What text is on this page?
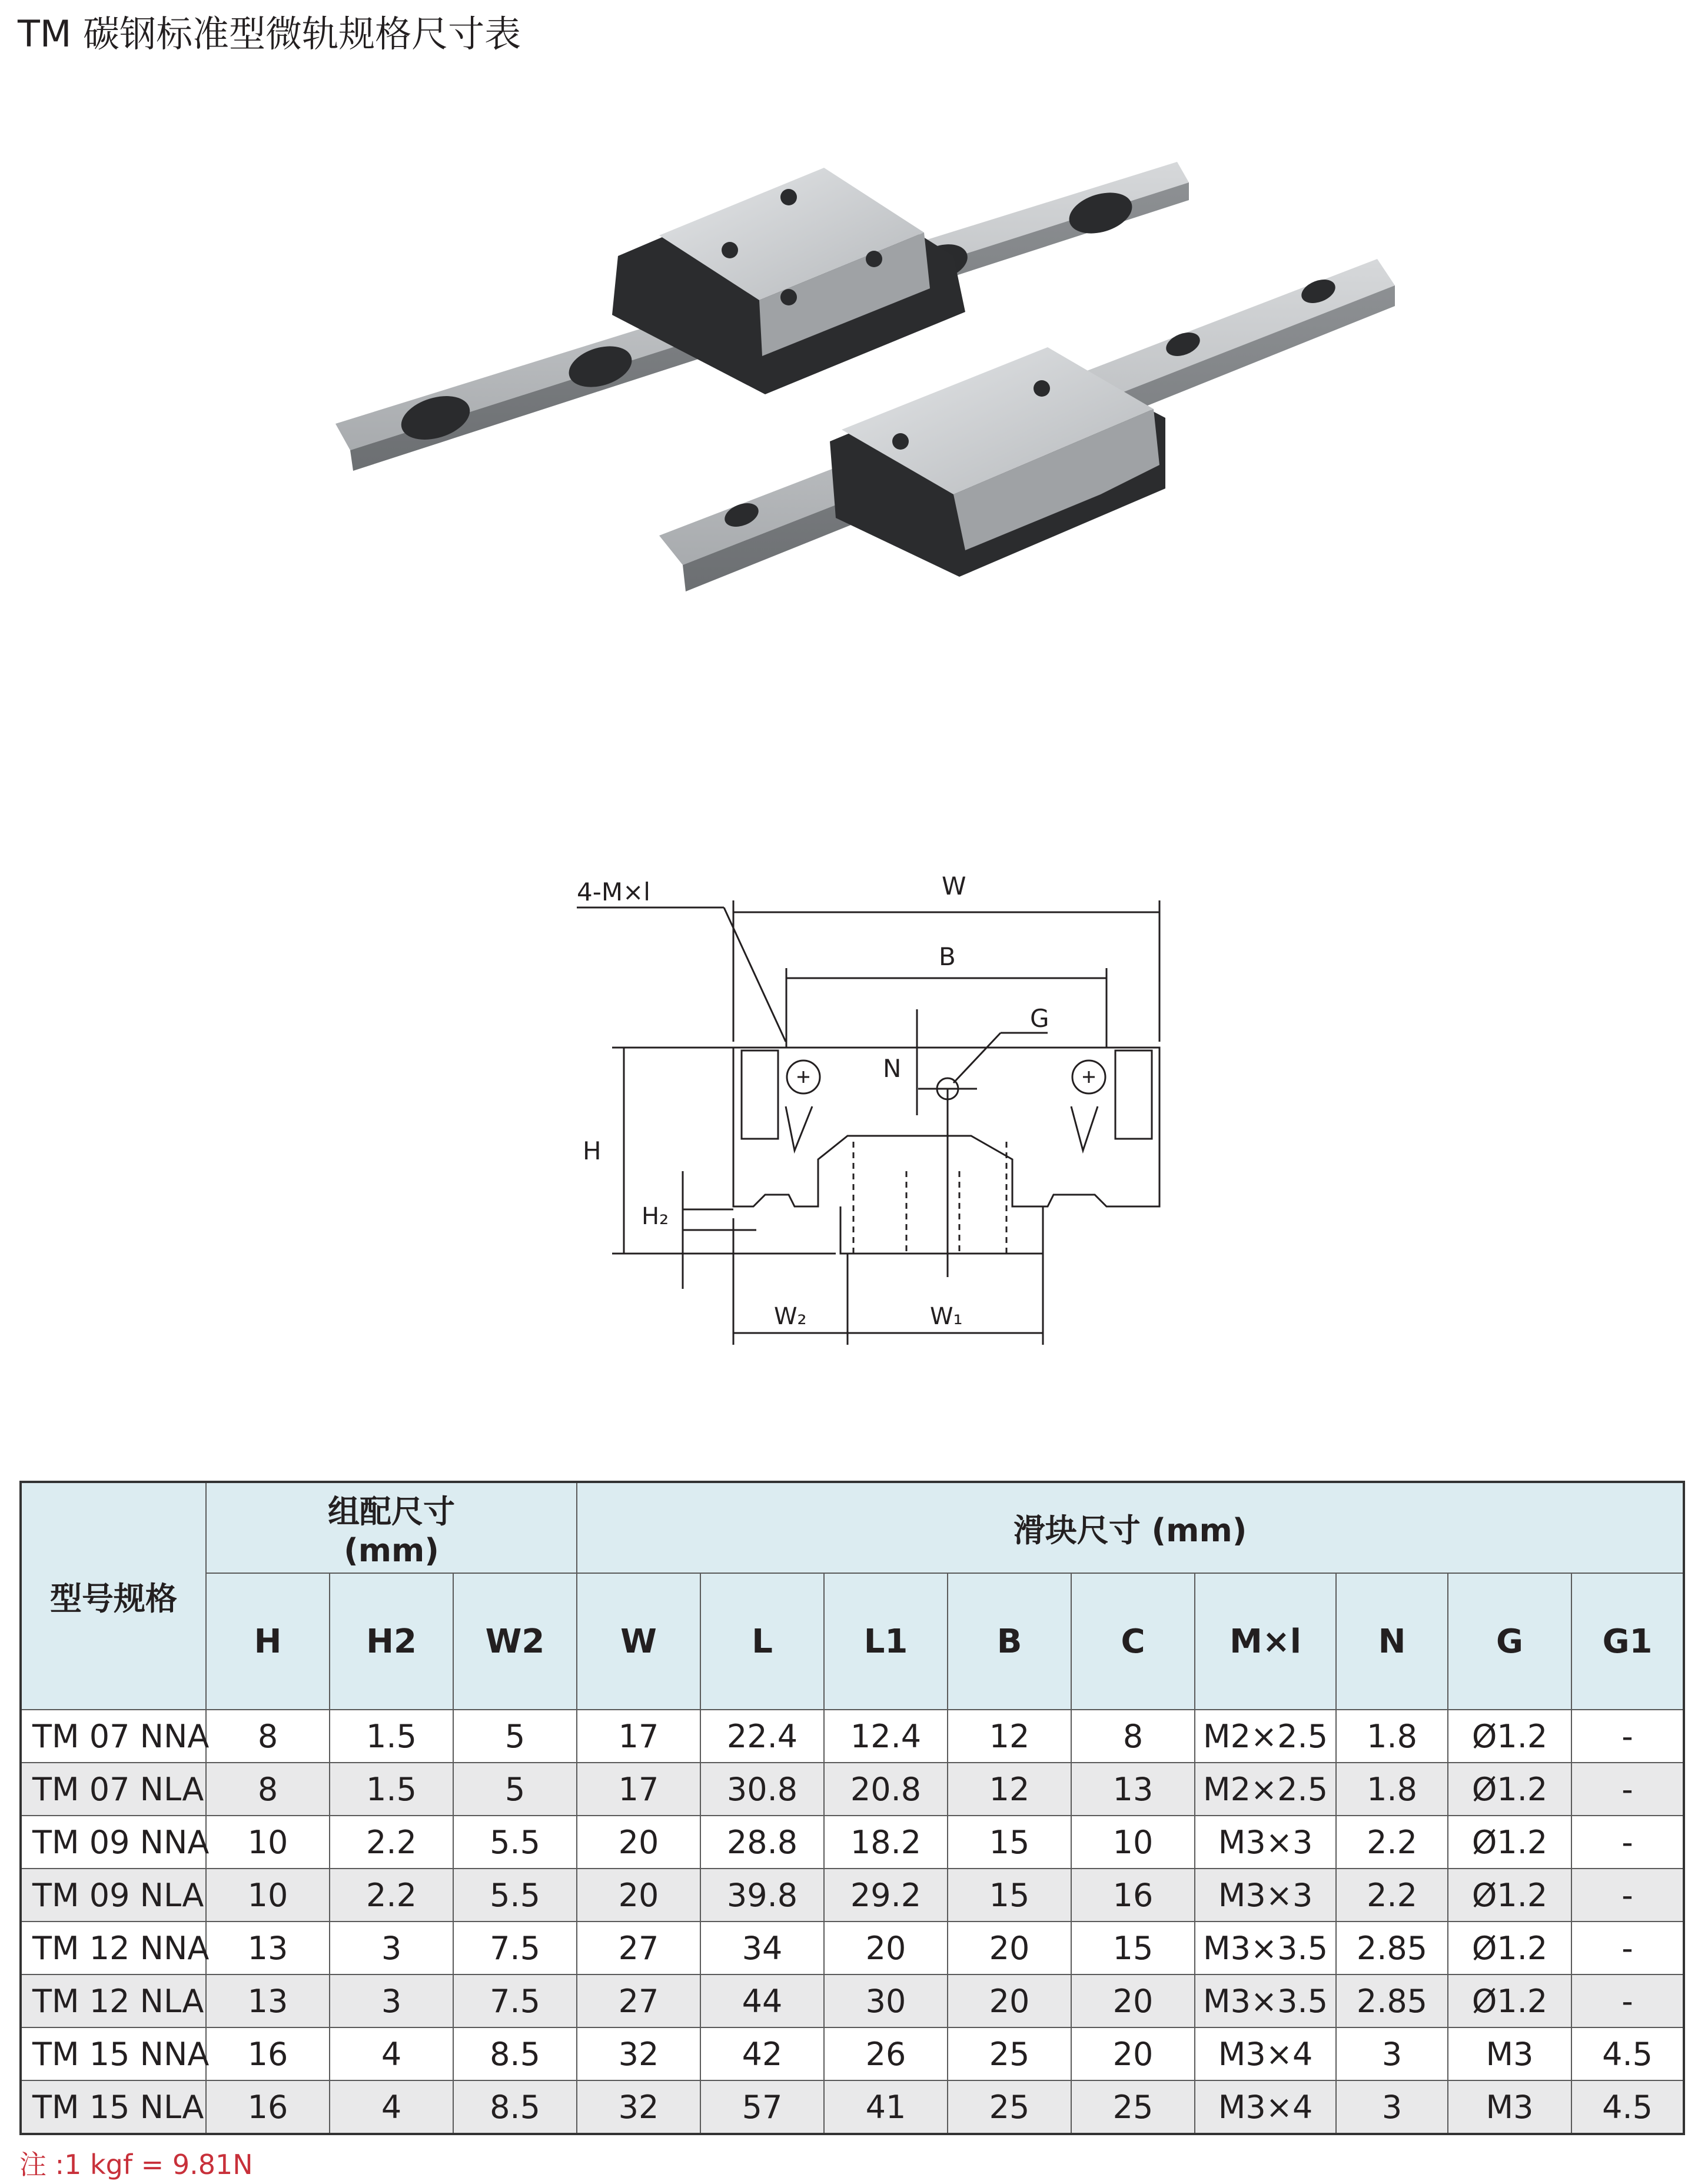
TM 碳钢标准型微轨规格尺寸表
W
B
4-M×l
G
N
H
H₂
W₂	W₁
型号规格	组配尺寸
(mm)			滑块尺寸 (mm)								
	H	H2	W2	W	L	L1	B	C	M×l	N	G	G1
TM 07 NNA	8	1.5	5	17	22.4	12.4	12	8	M2×2.5	1.8	Ø1.2	-
TM 07 NLA	8	1.5	5	17	30.8	20.8	12	13	M2×2.5	1.8	Ø1.2	-
TM 09 NNA	10	2.2	5.5	20	28.8	18.2	15	10	M3×3	2.2	Ø1.2	-
TM 09 NLA	10	2.2	5.5	20	39.8	29.2	15	16	M3×3	2.2	Ø1.2	-
TM 12 NNA	13	3	7.5	27	34	20	20	15	M3×3.5	2.85	Ø1.2	-
TM 12 NLA	13	3	7.5	27	44	30	20	20	M3×3.5	2.85	Ø1.2	-
TM 15 NNA	16	4	8.5	32	42	26	25	20	M3×4	3	M3	4.5
TM 15 NLA	16	4	8.5	32	57	41	25	25	M3×4	3	M3	4.5
注 :1 kgf = 9.81N
